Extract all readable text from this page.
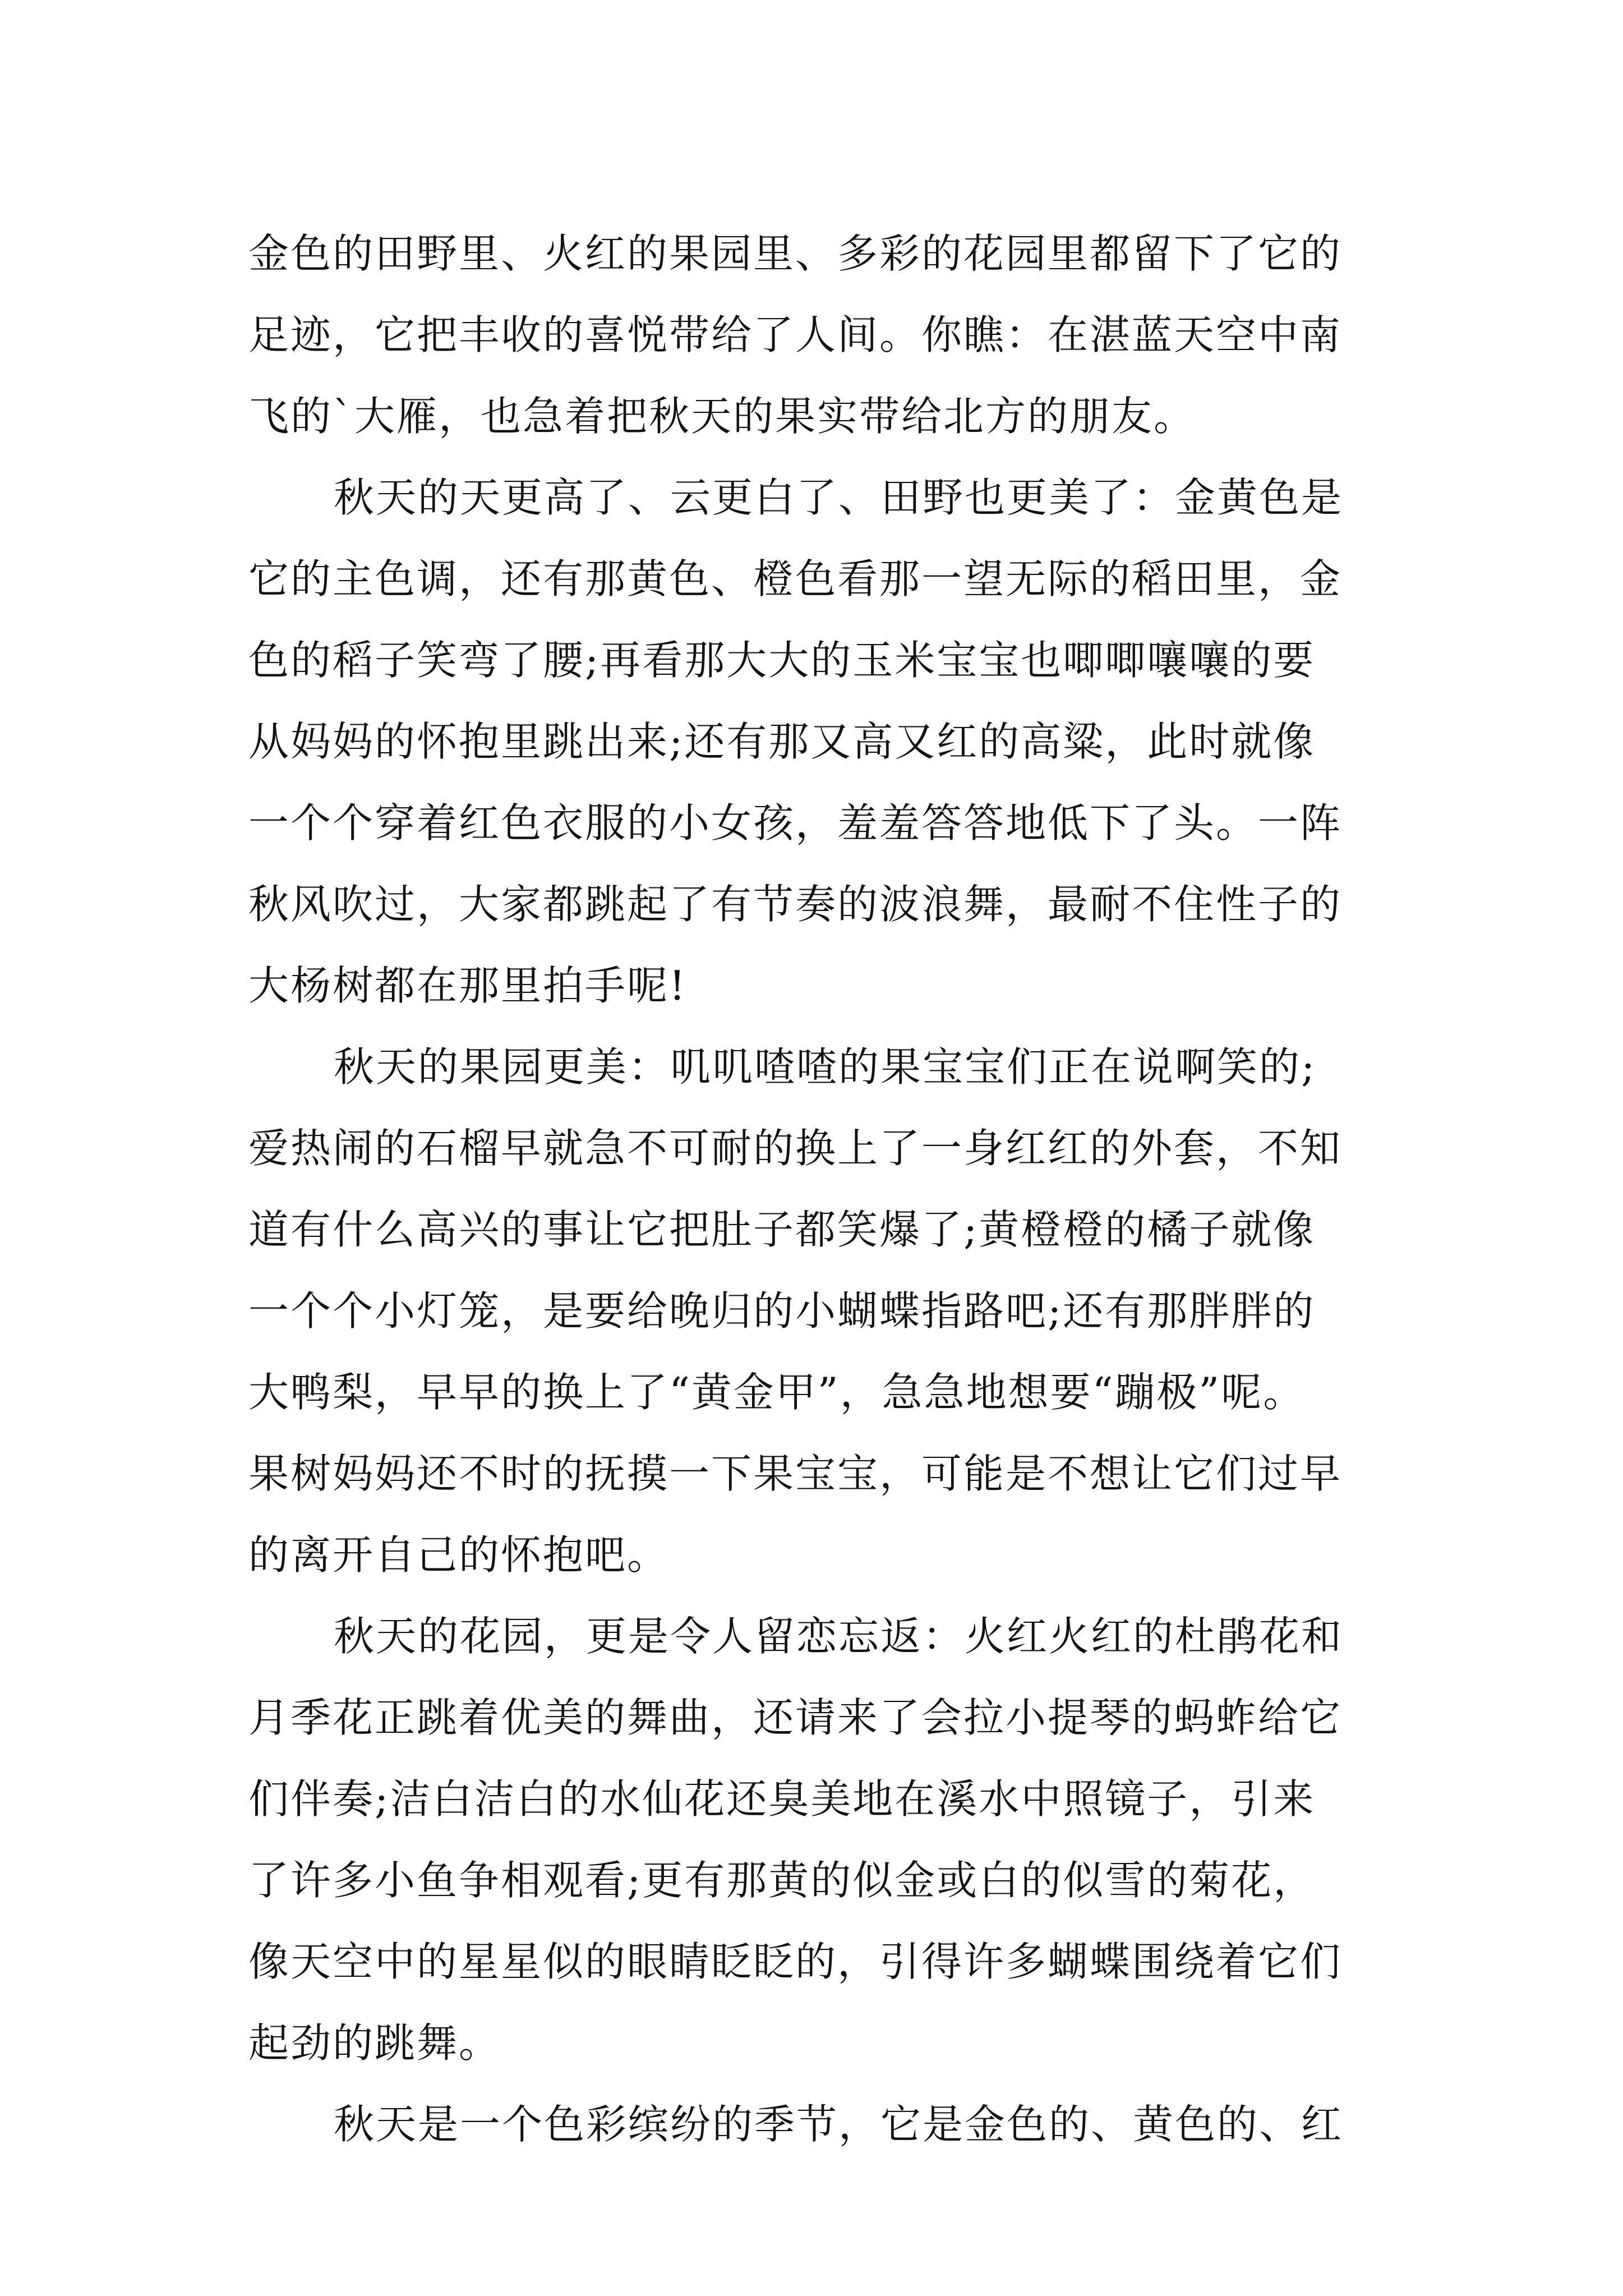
金色的田野里、火红的果园里、多彩的花园里都留下了它的
足迹，它把丰收的喜悦带给了人间。你瞧：在湛蓝天空中南
飞的`大雁，也急着把秋天的果实带给北方的朋友。
秋天的天更高了、云更白了、田野也更美了：金黄色是
它的主色调，还有那黄色、橙色看那一望无际的稻田里，金
色的稻子笑弯了腰;再看那大大的玉米宝宝也唧唧嚷嚷的要
从妈妈的怀抱里跳出来;还有那又高又红的高粱，此时就像
一个个穿着红色衣服的小女孩，羞羞答答地低下了头。一阵
秋风吹过，大家都跳起了有节奏的波浪舞，最耐不住性子的
大杨树都在那里拍手呢!
秋天的果园更美：叽叽喳喳的果宝宝们正在说啊笑的;
爱热闹的石榴早就急不可耐的换上了一身红红的外套，不知
道有什么高兴的事让它把肚子都笑爆了;黄橙橙的橘子就像
一个个小灯笼，是要给晚归的小蝴蝶指路吧;还有那胖胖的
大鸭梨，早早的换上了“黄金甲”，急急地想要“蹦极”呢。
果树妈妈还不时的抚摸一下果宝宝，可能是不想让它们过早
的离开自己的怀抱吧。
秋天的花园，更是令人留恋忘返：火红火红的杜鹃花和
月季花正跳着优美的舞曲，还请来了会拉小提琴的蚂蚱给它
们伴奏;洁白洁白的水仙花还臭美地在溪水中照镜子，引来
了许多小鱼争相观看;更有那黄的似金或白的似雪的菊花，
像天空中的星星似的眼睛眨眨的，引得许多蝴蝶围绕着它们
起劲的跳舞。
秋天是一个色彩缤纷的季节，它是金色的、黄色的、红
